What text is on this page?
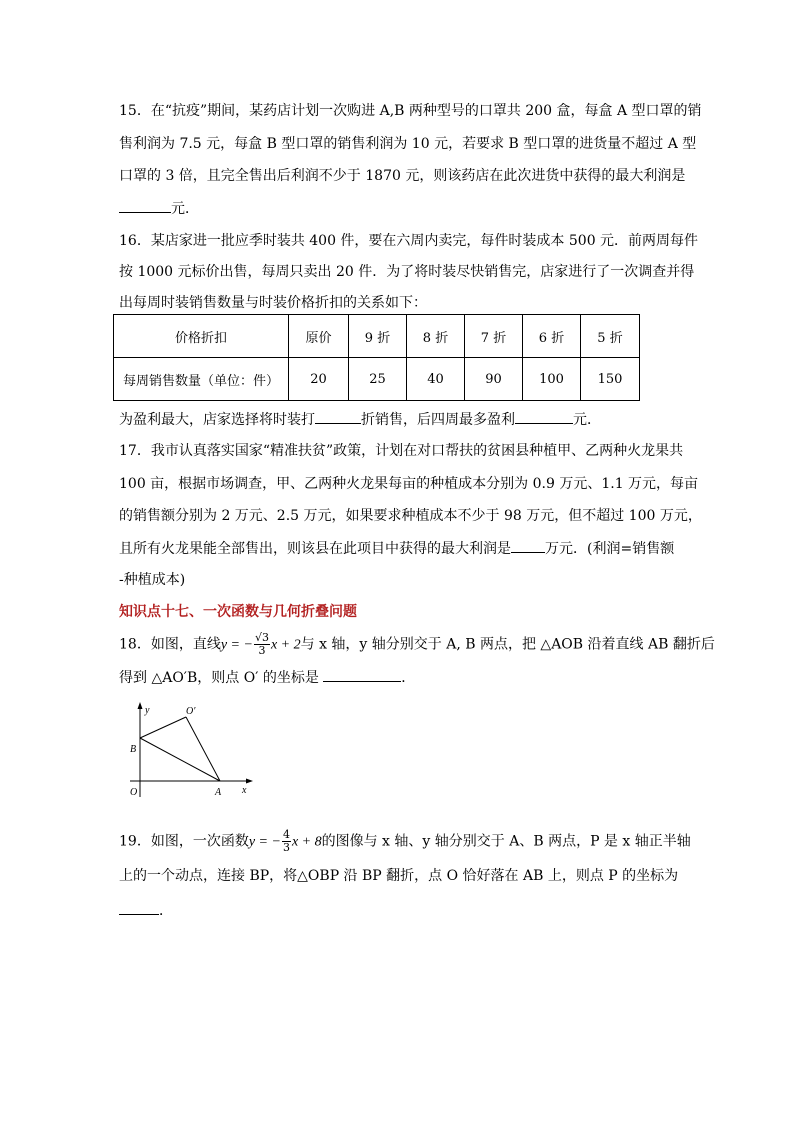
15．在“抗疫”期间，某药店计划一次购进 A,B 两种型号的口罩共 200 盒，每盒 A 型口罩的销
售利润为 7.5 元，每盒 B 型口罩的销售利润为 10 元，若要求 B 型口罩的进货量不超过 A 型
口罩的 3 倍，且完全售出后利润不少于 1870 元，则该药店在此次进货中获得的最大利润是
元．
16．某店家进一批应季时装共 400 件，要在六周内卖完，每件时装成本 500 元．前两周每件
按 1000 元标价出售，每周只卖出 20 件．为了将时装尽快销售完，店家进行了一次调查并得
出每周时装销售数量与时装价格折扣的关系如下：
价格折扣	原价	9 折	8 折	7 折	6 折	5 折
每周销售数量（单位：件）	20	25	40	90	100	150
为盈利最大，店家选择将时装打	折销售，后四周最多盈利	元．
17．我市认真落实国家“精准扶贫”政策，计划在对口帮扶的贫困县种植甲、乙两种火龙果共
100 亩，根据市场调查，甲、乙两种火龙果每亩的种植成本分别为 0.9 万元、1.1 万元，每亩
的销售额分别为 2 万元、2.5 万元，如果要求种植成本不少于 98 万元，但不超过 100 万元，
且所有火龙果能全部售出，则该县在此项目中获得的最大利润是 万元．(利润=销售额
-种植成本)
知识点十七、一次函数与几何折叠问题
18．如图，直线y = − $\frac{√3}{3}$ x + 2与 x 轴，y 轴分别交于 A, B 两点，把 △AOB 沿着直线 AB 翻折后
得到 △AO′B，则点 O′ 的坐标是	．
y
x
O	A
B
O′
19．如图，一次函数y = − $\frac{4}{3}$ x + 8的图像与 x 轴、y 轴分别交于 A、B 两点，P 是 x 轴正半轴
上的一个动点，连接 BP，将△OBP 沿 BP 翻折，点 O 恰好落在 AB 上，则点 P 的坐标为
．
